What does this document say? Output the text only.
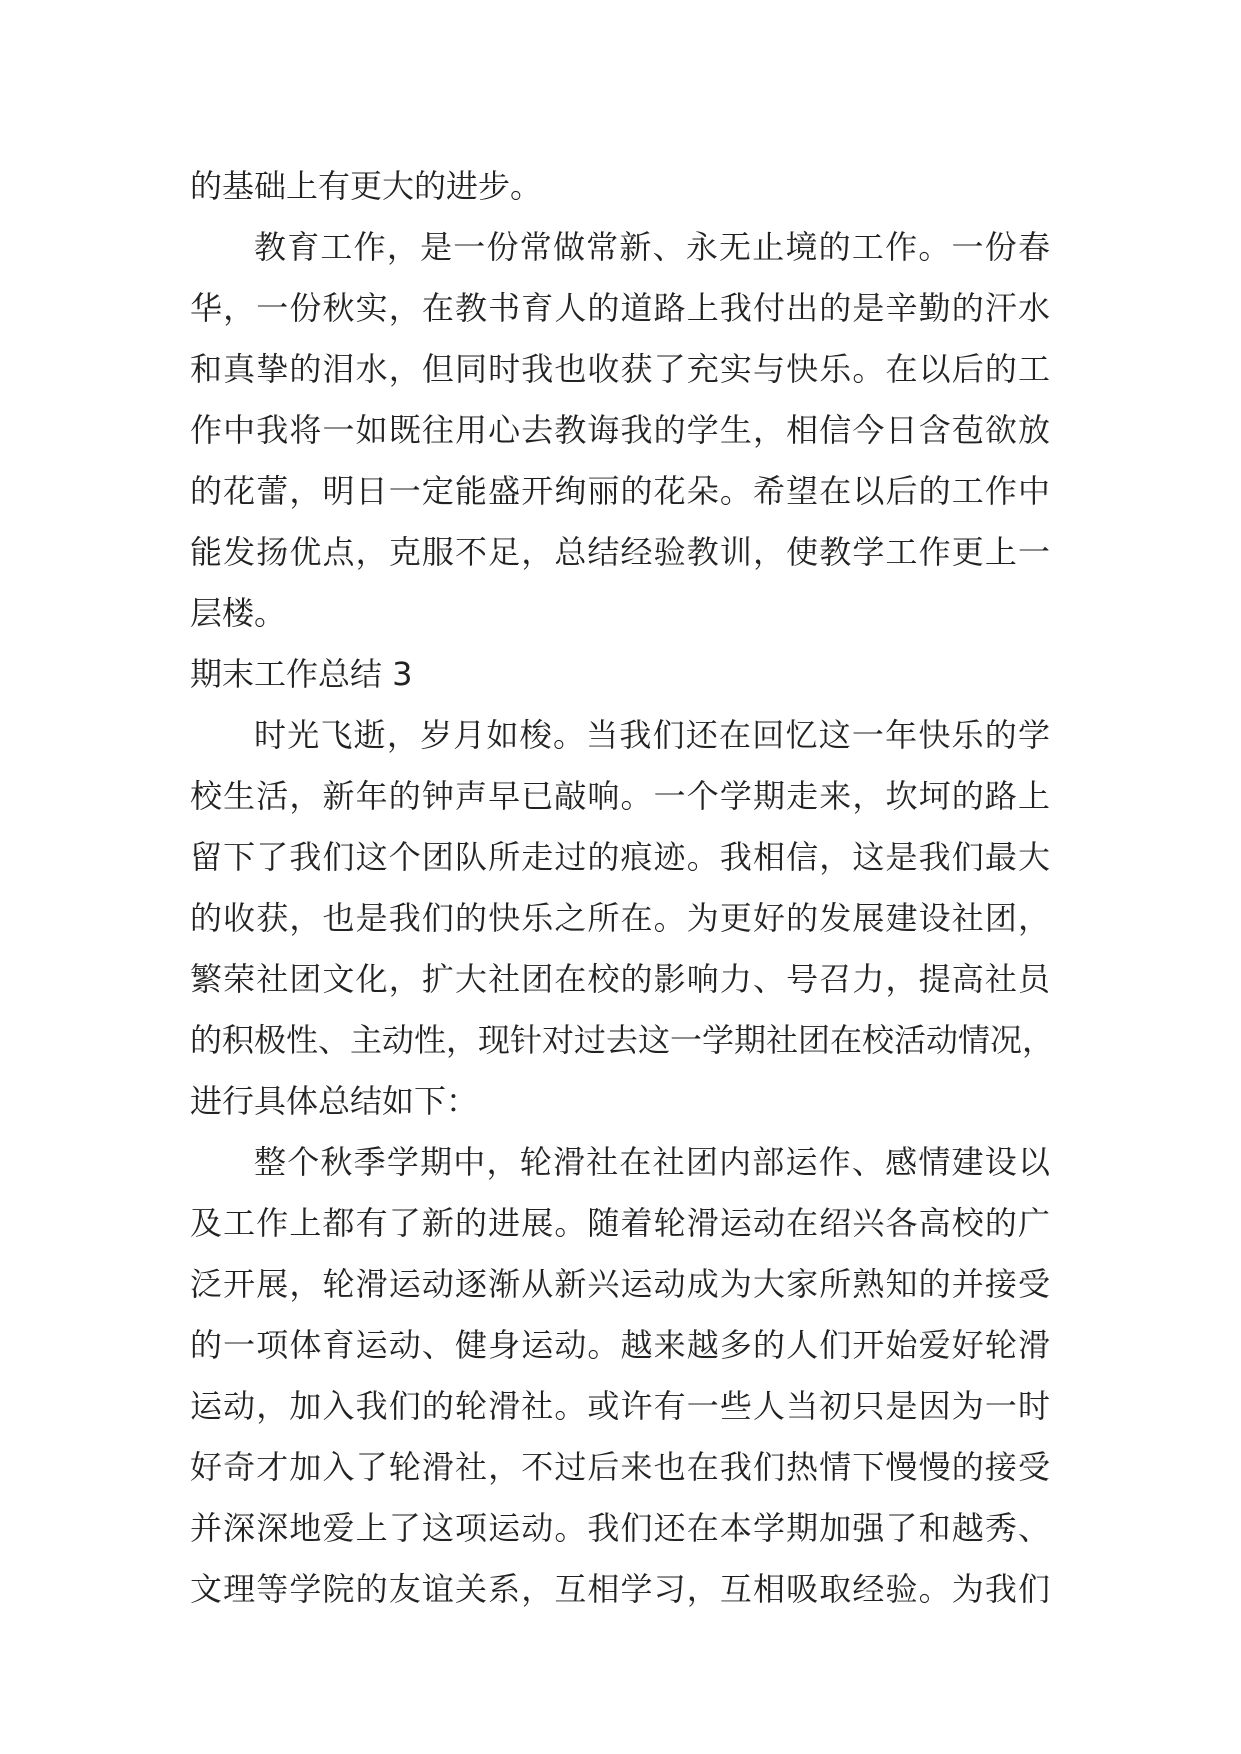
的基础上有更大的进步。
教育工作，是一份常做常新、永无止境的工作。一份春
华，一份秋实，在教书育人的道路上我付出的是辛勤的汗水
和真挚的泪水，但同时我也收获了充实与快乐。在以后的工
作中我将一如既往用心去教诲我的学生，相信今日含苞欲放
的花蕾，明日一定能盛开绚丽的花朵。希望在以后的工作中
能发扬优点，克服不足，总结经验教训，使教学工作更上一
层楼。
期末工作总结 3
时光飞逝，岁月如梭。当我们还在回忆这一年快乐的学
校生活，新年的钟声早已敲响。一个学期走来，坎坷的路上
留下了我们这个团队所走过的痕迹。我相信，这是我们最大
的收获，也是我们的快乐之所在。为更好的发展建设社团，
繁荣社团文化，扩大社团在校的影响力、号召力，提高社员
的积极性、主动性，现针对过去这一学期社团在校活动情况，
进行具体总结如下：
整个秋季学期中，轮滑社在社团内部运作、感情建设以
及工作上都有了新的进展。随着轮滑运动在绍兴各高校的广
泛开展，轮滑运动逐渐从新兴运动成为大家所熟知的并接受
的一项体育运动、健身运动。越来越多的人们开始爱好轮滑
运动，加入我们的轮滑社。或许有一些人当初只是因为一时
好奇才加入了轮滑社，不过后来也在我们热情下慢慢的接受
并深深地爱上了这项运动。我们还在本学期加强了和越秀、
文理等学院的友谊关系，互相学习，互相吸取经验。为我们
